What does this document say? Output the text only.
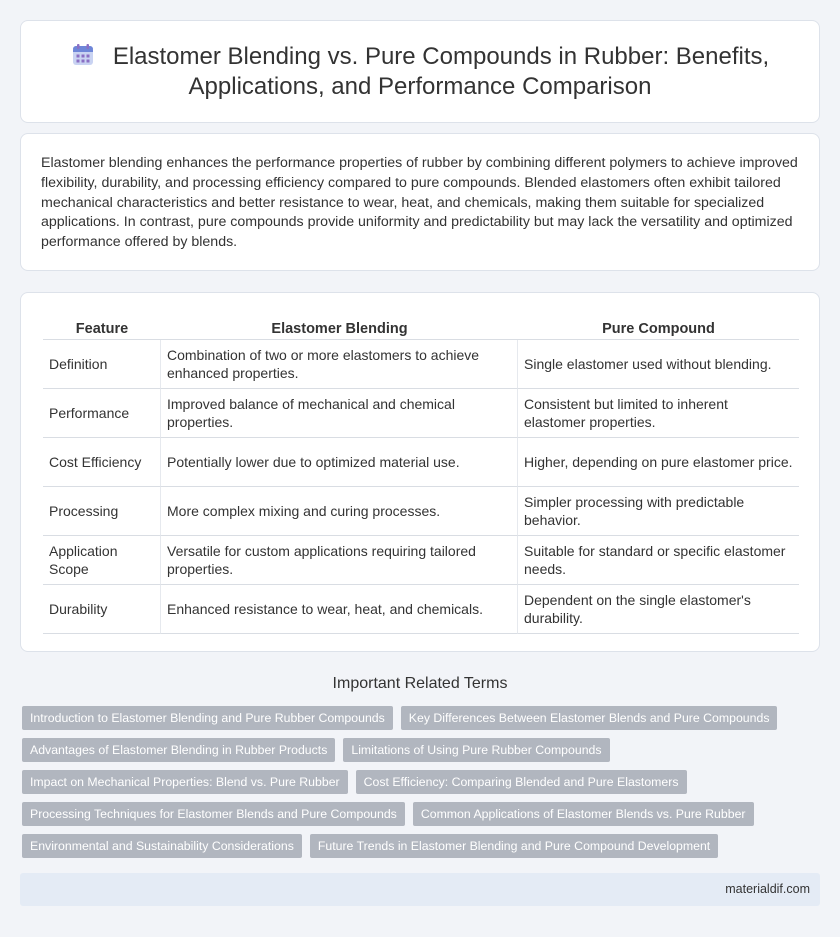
Elastomer Blending vs. Pure Compounds in Rubber: Benefits, Applications, and Performance Comparison

Elastomer blending enhances the performance properties of rubber by combining different polymers to achieve improved flexibility, durability, and processing efficiency compared to pure compounds. Blended elastomers often exhibit tailored mechanical characteristics and better resistance to wear, heat, and chemicals, making them suitable for specialized applications. In contrast, pure compounds provide uniformity and predictability but may lack the versatility and optimized performance offered by blends.

Feature	Elastomer Blending	Pure Compound
Definition	Combination of two or more elastomers to achieve enhanced properties.	Single elastomer used without blending.
Performance	Improved balance of mechanical and chemical properties.	Consistent but limited to inherent elastomer properties.
Cost Efficiency	Potentially lower due to optimized material use.	Higher, depending on pure elastomer price.
Processing	More complex mixing and curing processes.	Simpler processing with predictable behavior.
Application Scope	Versatile for custom applications requiring tailored properties.	Suitable for standard or specific elastomer needs.
Durability	Enhanced resistance to wear, heat, and chemicals.	Dependent on the single elastomer's durability.
Important Related Terms
Introduction to Elastomer Blending and Pure Rubber Compounds	Key Differences Between Elastomer Blends and Pure Compounds
Advantages of Elastomer Blending in Rubber Products	Limitations of Using Pure Rubber Compounds
Impact on Mechanical Properties: Blend vs. Pure Rubber	Cost Efficiency: Comparing Blended and Pure Elastomers
Processing Techniques for Elastomer Blends and Pure Compounds	Common Applications of Elastomer Blends vs. Pure Rubber
Environmental and Sustainability Considerations	Future Trends in Elastomer Blending and Pure Compound Development
materialdif.com
